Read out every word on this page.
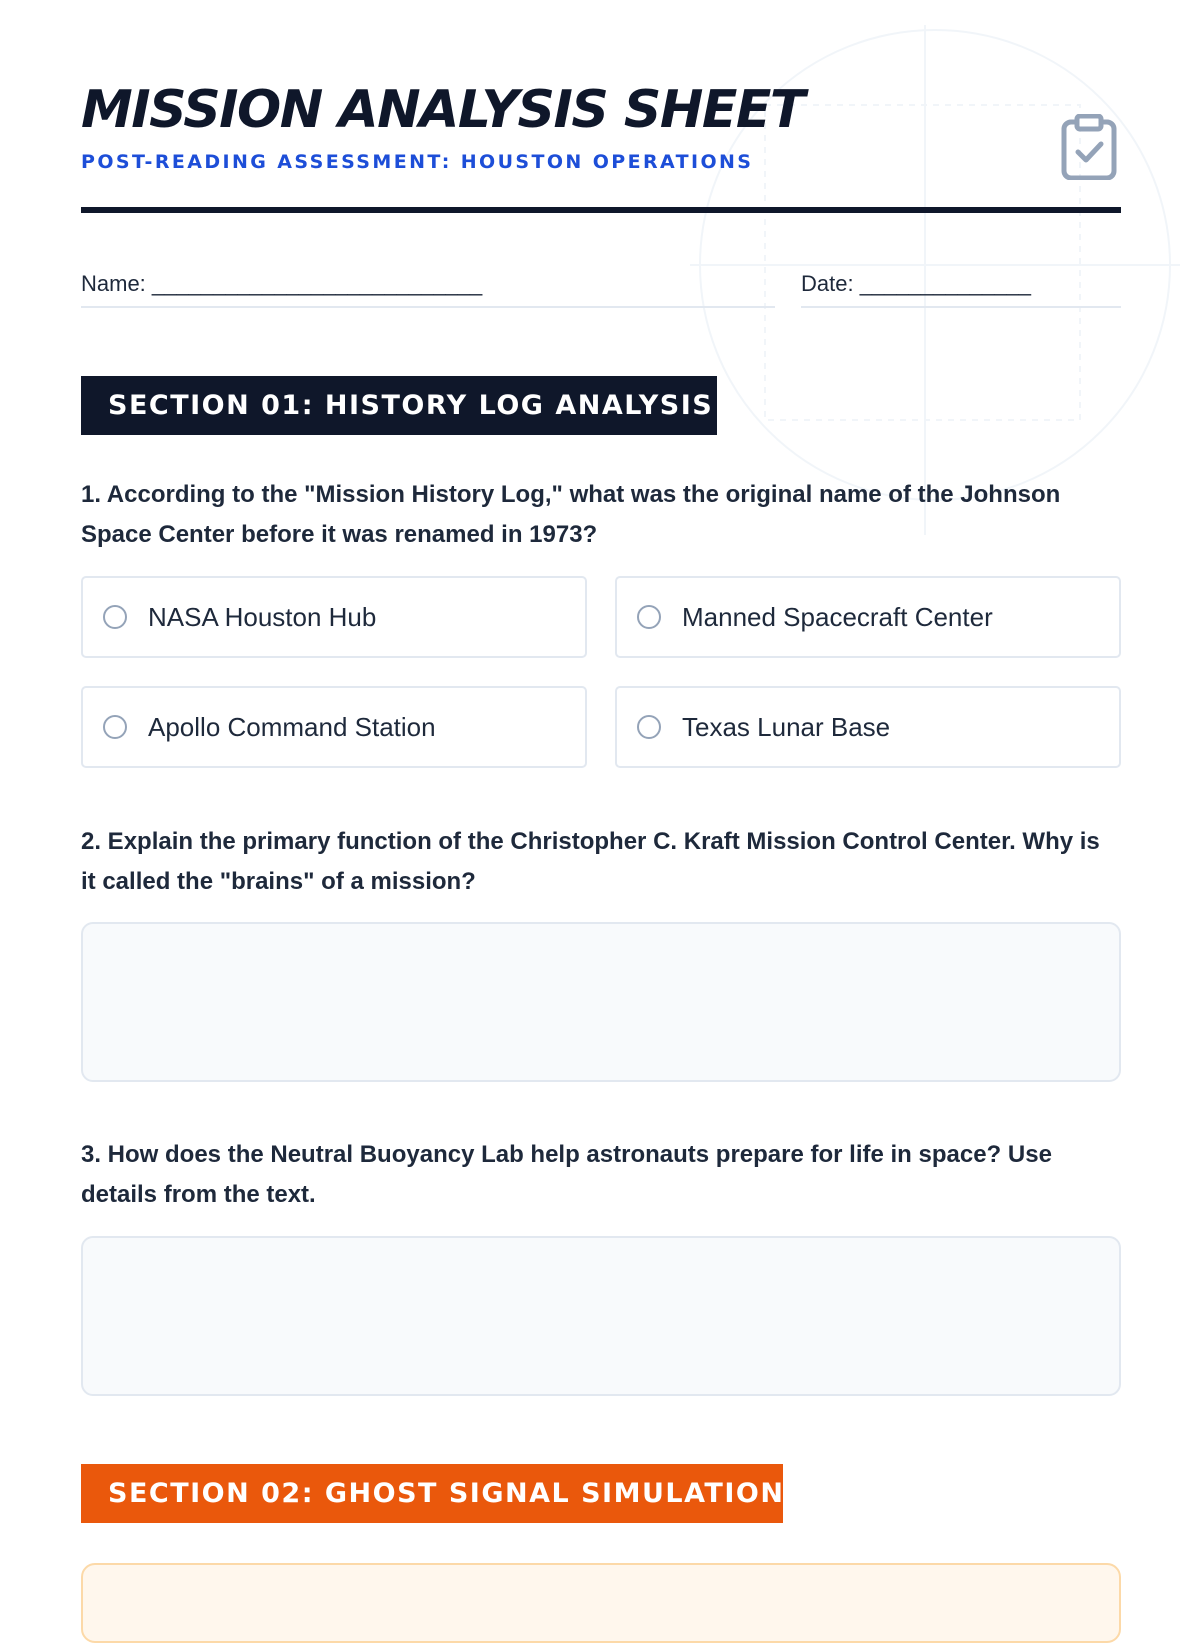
MISSION ANALYSIS SHEET
POST-READING ASSESSMENT: HOUSTON OPERATIONS
Name: ___________________________	Date: ______________
SECTION 01: HISTORY LOG ANALYSIS

1. According to the "Mission History Log," what was the original name of the Johnson Space Center before it was renamed in 1973?

NASA Houston Hub	Manned Spacecraft Center
Apollo Command Station	Texas Lunar Base

2. Explain the primary function of the Christopher C. Kraft Mission Control Center. Why is it called the "brains" of a mission?

3. How does the Neutral Buoyancy Lab help astronauts prepare for life in space? Use details from the text.

SECTION 02: GHOST SIGNAL SIMULATION
